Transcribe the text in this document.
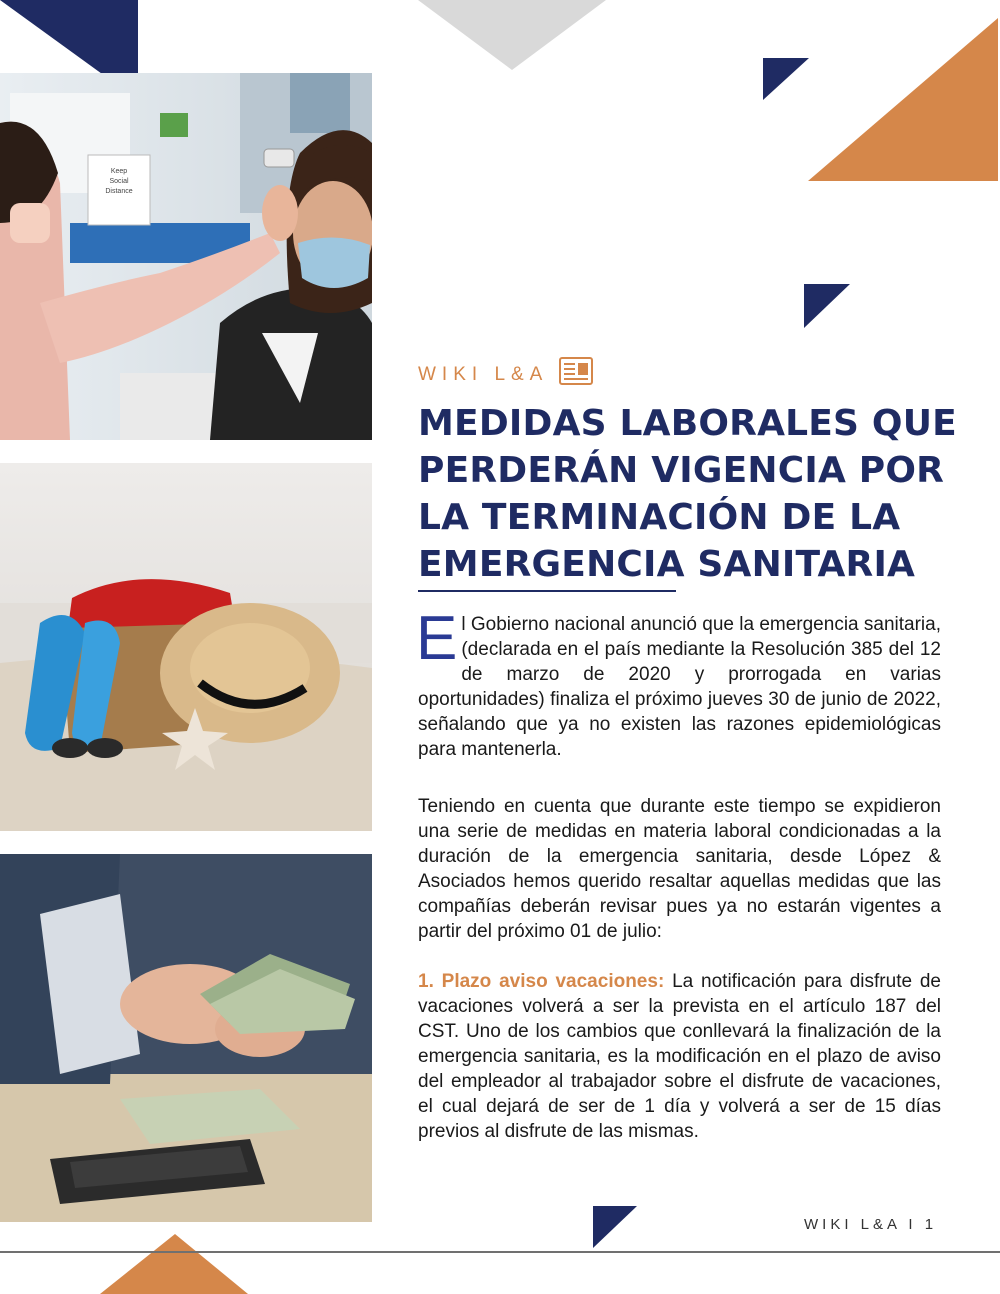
Keep
Social
Distance
WIKI L&A
MEDIDAS LABORALES QUE PERDERÁN VIGENCIA POR LA TERMINACIÓN DE LA EMERGENCIA SANITARIA

El Gobierno nacional anunció que la emergencia sanitaria, (declarada en el país mediante la Resolución 385 del 12 de marzo de 2020 y prorrogada en varias oportunidades) finaliza el próximo jueves 30 de junio de 2022, señalando que ya no existen las razones epidemiológicas para mantenerla.

Teniendo en cuenta que durante este tiempo se expidieron una serie de medidas en materia laboral condicionadas a la duración de la emergencia sanitaria, desde López & Asociados hemos querido resaltar aquellas medidas que las compañías deberán revisar pues ya no estarán vigentes a partir del próximo 01 de julio:

1. Plazo aviso vacaciones: La notificación para disfrute de vacaciones volverá a ser la prevista en el artículo 187 del CST. Uno de los cambios que conllevará la finalización de la emergencia sanitaria, es la modificación en el plazo de aviso del empleador al trabajador sobre el disfrute de vacaciones, el cual dejará de ser de 1 día y volverá a ser de 15 días previos al disfrute de las mismas.

WIKI L&A I 1
